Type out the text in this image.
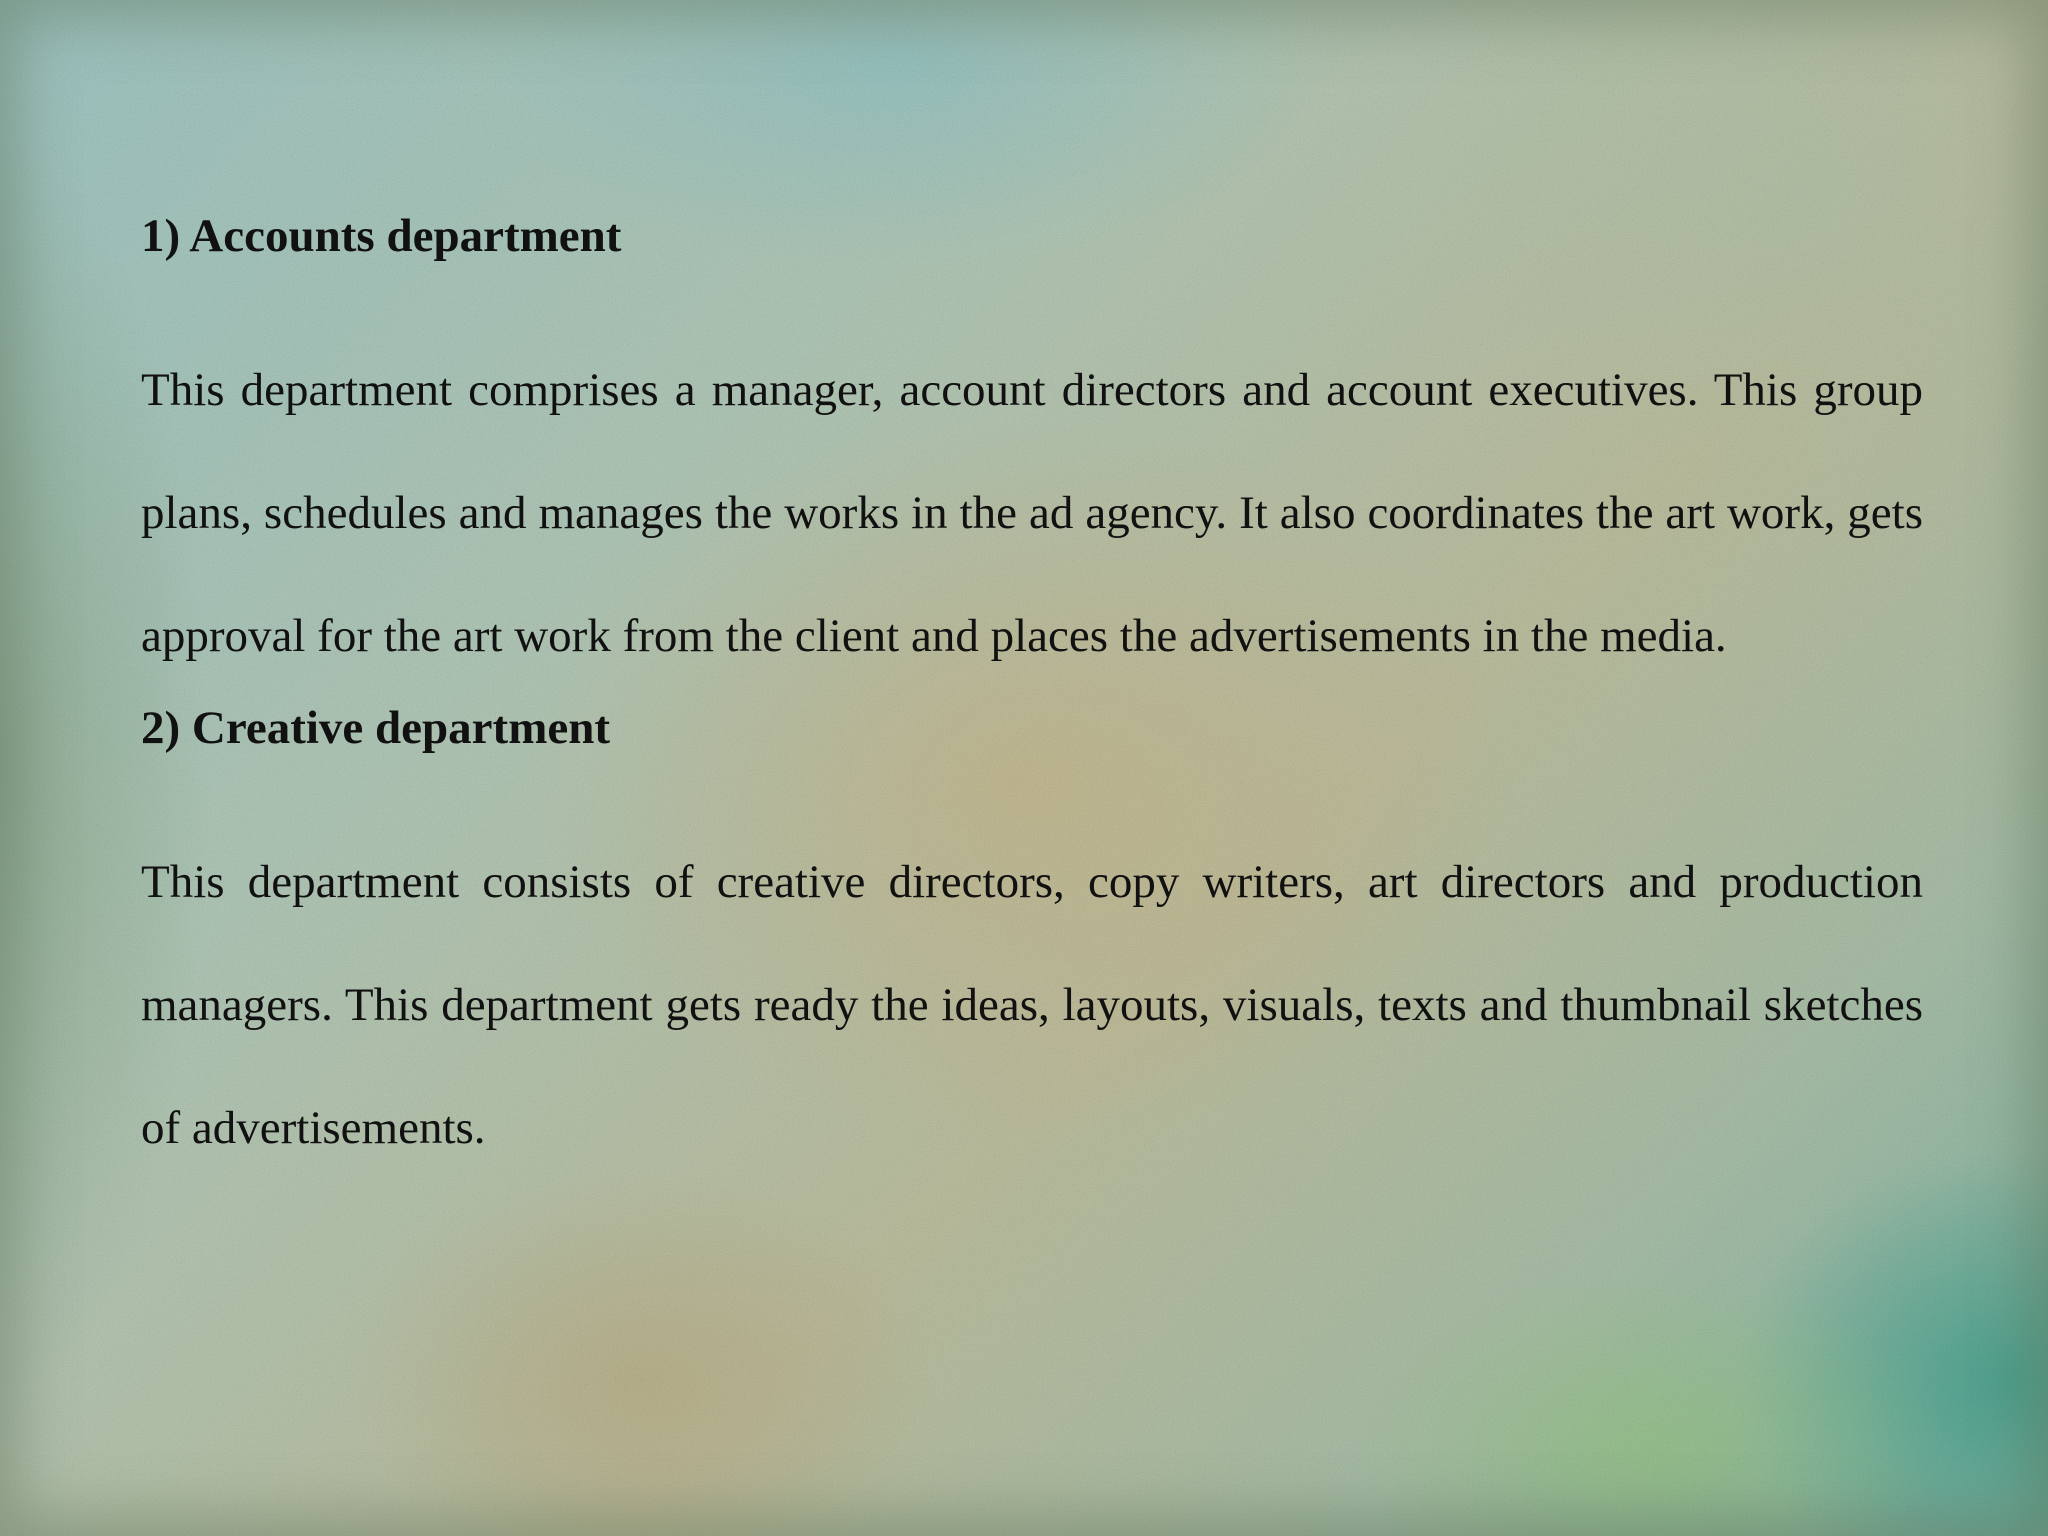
1) Accounts department

This department comprises a manager, account directors and account executives. This group plans, schedules and manages the works in the ad agency. It also coordinates the art work, gets approval for the art work from the client and places the advertisements in the media.

2) Creative department

This department consists of creative directors, copy writers, art directors and production managers. This department gets ready the ideas, layouts, visuals, texts and thumbnail sketches of advertisements.
